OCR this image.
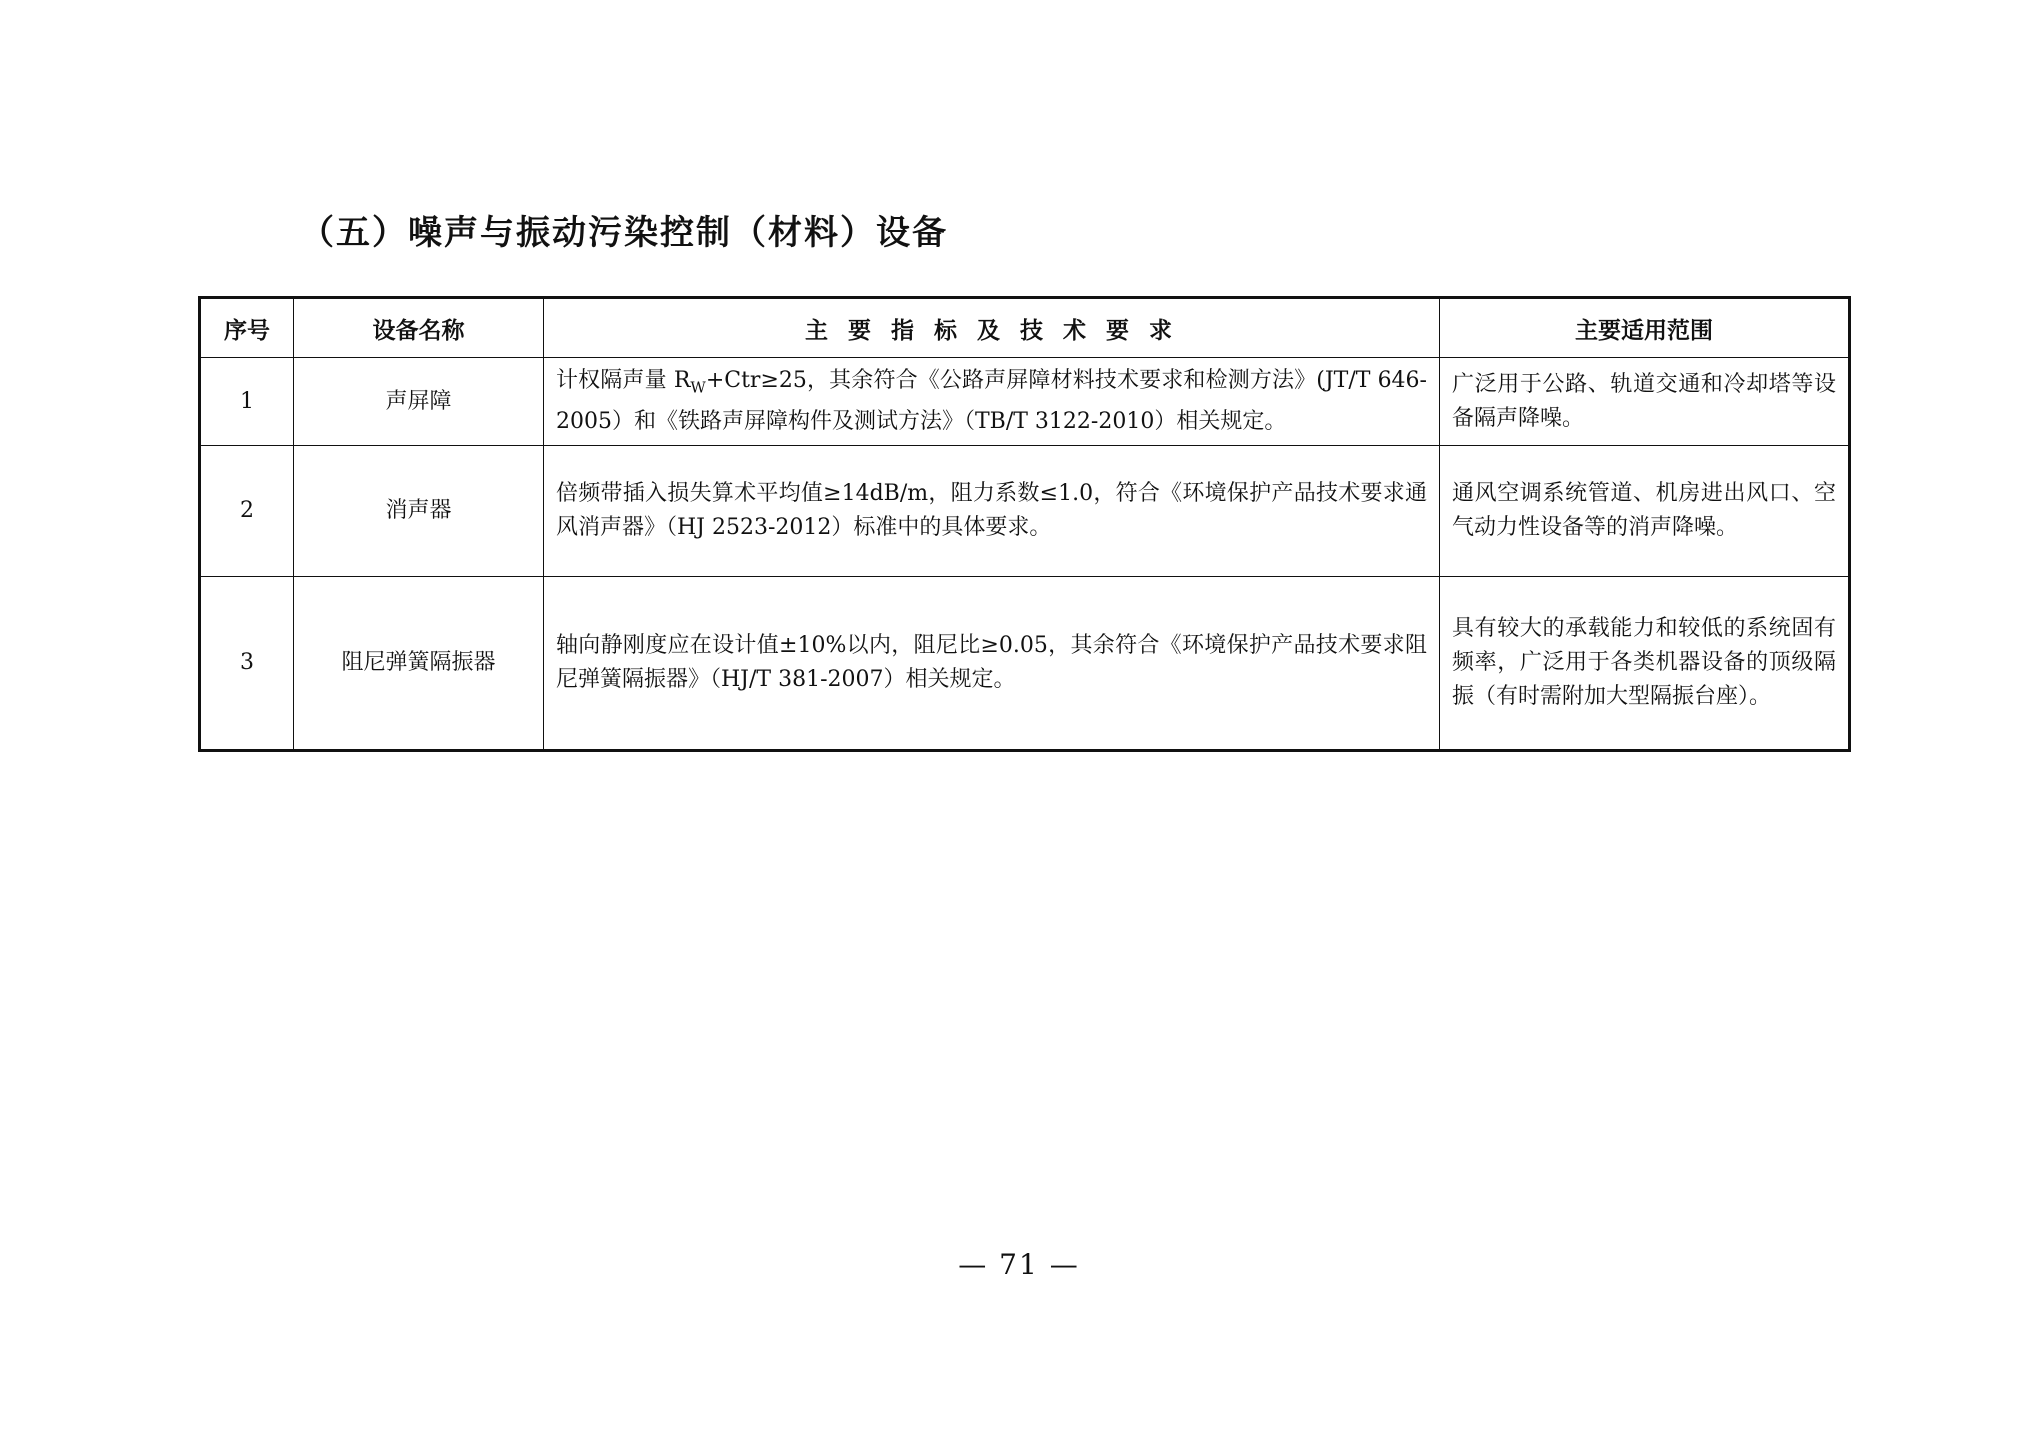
（五）噪声与振动污染控制（材料）设备
序号	设备名称	主 要 指 标 及 技 术 要 求	主要适用范围
1	声屏障	计权隔声量 $R_W+Ctr\ge 25$，其余符合《公路声屏障材料技术要求和检测方法》(JT/T 646-2005）和《铁路声屏障构件及测试方法》（TB/T 3122-2010）相关规定。	广泛用于公路、轨道交通和冷却塔等设备隔声降噪。
2	消声器	倍频带插入损失算术平均值≥14dB/m，阻力系数≤1.0，符合《环境保护产品技术要求通风消声器》（HJ 2523-2012）标准中的具体要求。	通风空调系统管道、机房进出风口、空气动力性设备等的消声降噪。
3	阻尼弹簧隔振器	轴向静刚度应在设计值±10%以内，阻尼比≥0.05，其余符合《环境保护产品技术要求阻尼弹簧隔振器》（HJ/T 381-2007）相关规定。	具有较大的承载能力和较低的系统固有频率，广泛用于各类机器设备的顶级隔振（有时需附加大型隔振台座）。
— 71 —
